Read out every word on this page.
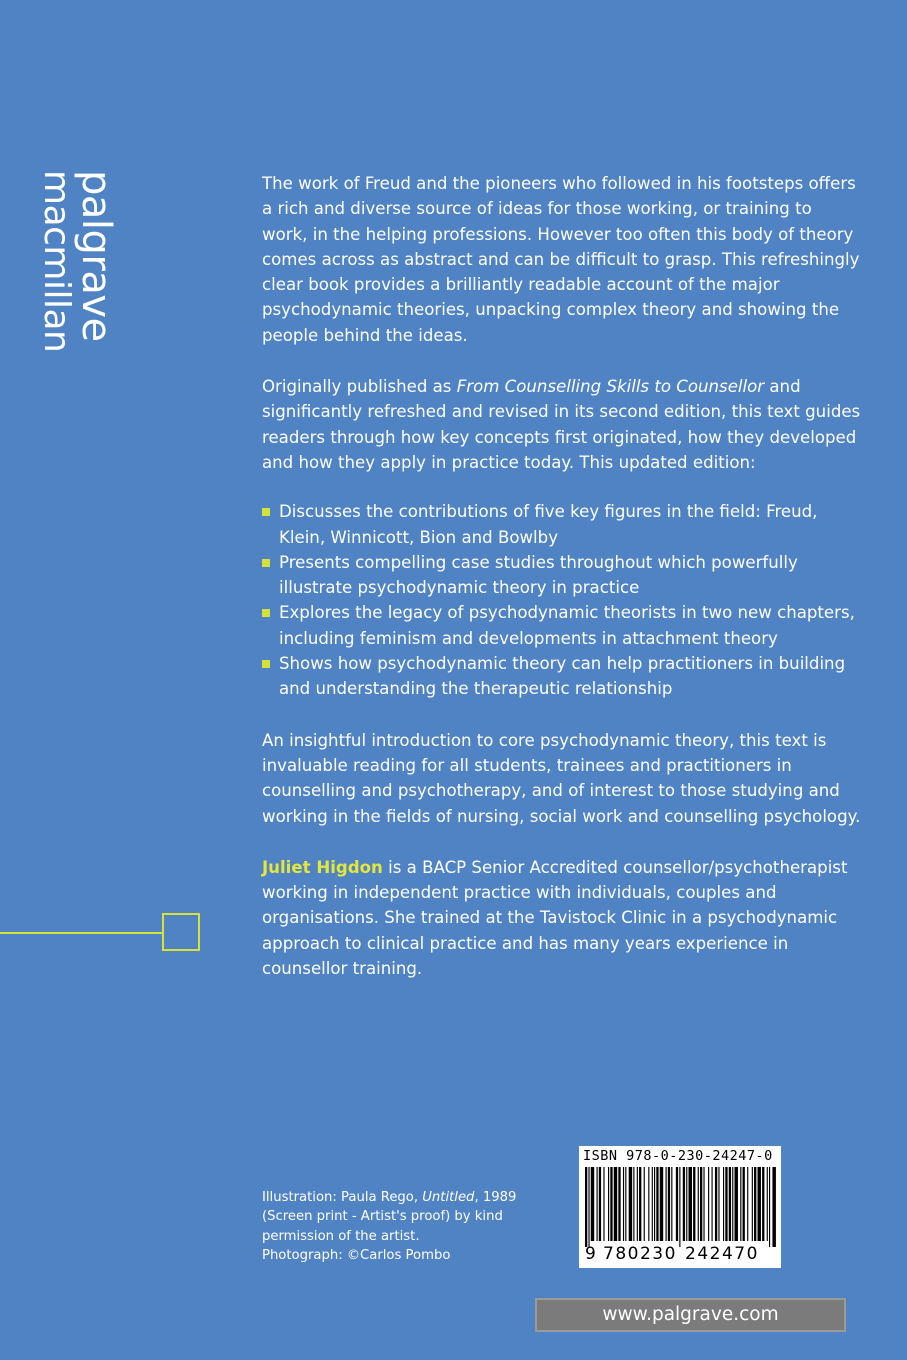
palgrave
macmillan	The work of Freud and the pioneers who followed in his footsteps offers a rich and diverse source of ideas for those working, or training to work, in the helping professions. However too often this body of theory comes across as abstract and can be difficult to grasp. This refreshingly clear book provides a brilliantly readable account of the major psychodynamic theories, unpacking complex theory and showing the people behind the ideas.

Originally published as From Counselling Skills to Counsellor and significantly refreshed and revised in its second edition, this text guides readers through how key concepts first originated, how they developed and how they apply in practice today. This updated edition:

Discusses the contributions of five key figures in the field: Freud, Klein, Winnicott, Bion and Bowlby
Presents compelling case studies throughout which powerfully illustrate psychodynamic theory in practice
Explores the legacy of psychodynamic theorists in two new chapters, including feminism and developments in attachment theory
Shows how psychodynamic theory can help practitioners in building and understanding the therapeutic relationship

An insightful introduction to core psychodynamic theory, this text is invaluable reading for all students, trainees and practitioners in counselling and psychotherapy, and of interest to those studying and working in the fields of nursing, social work and counselling psychology.

Juliet Higdon is a BACP Senior Accredited counsellor/psychotherapist working in independent practice with individuals, couples and organisations. She trained at the Tavistock Clinic in a psychodynamic approach to clinical practice and has many years experience in counsellor training.

Illustration: Paula Rego, Untitled, 1989 (Screen print - Artist's proof) by kind permission of the artist.
Photograph: ©Carlos Pombo
ISBN 978-0-230-24247-0
9 780230 242470
www.palgrave.com
